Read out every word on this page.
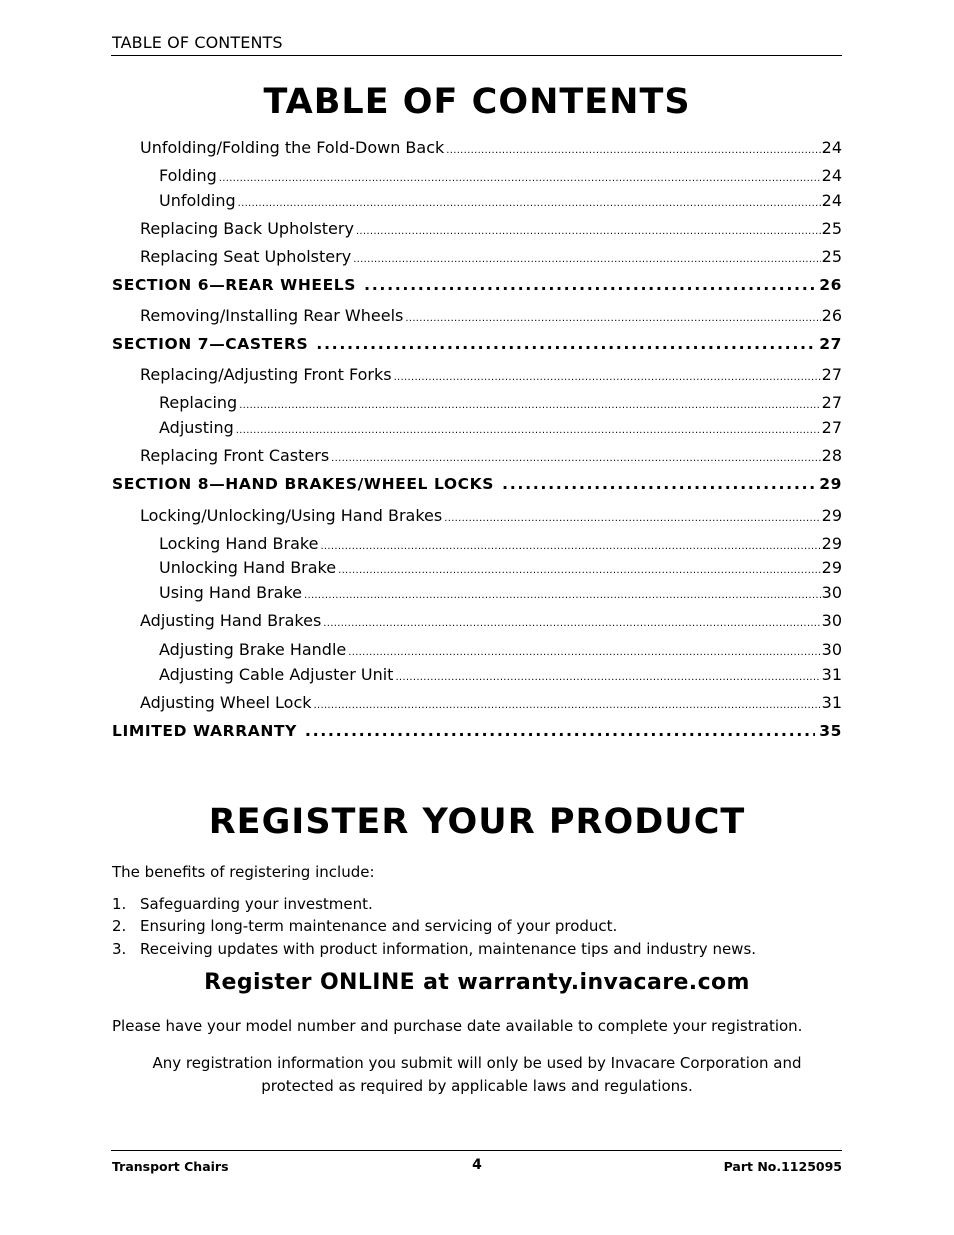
TABLE OF CONTENTS
TABLE OF CONTENTS
Unfolding/Folding the Fold-Down Back .....	24
Folding .....	24
Unfolding .....	24
Replacing Back Upholstery .....	25
Replacing Seat Upholstery .....	25
SECTION 6—REAR WHEELS .....	26
Removing/Installing Rear Wheels .....	26
SECTION 7—CASTERS .....	27
Replacing/Adjusting Front Forks .....	27
Replacing .....	27
Adjusting .....	27
Replacing Front Casters .....	28
SECTION 8—HAND BRAKES/WHEEL LOCKS .....	29
Locking/Unlocking/Using Hand Brakes .....	29
Locking Hand Brake .....	29
Unlocking Hand Brake .....	29
Using Hand Brake .....	30
Adjusting Hand Brakes .....	30
Adjusting Brake Handle .....	30
Adjusting Cable Adjuster Unit .....	31
Adjusting Wheel Lock .....	31
LIMITED WARRANTY .....	35
REGISTER YOUR PRODUCT
The benefits of registering include:
1. Safeguarding your investment.
2. Ensuring long-term maintenance and servicing of your product.
3. Receiving updates with product information, maintenance tips and industry news.
Register ONLINE at warranty.invacare.com
Please have your model number and purchase date available to complete your registration.
Any registration information you submit will only be used by Invacare Corporation and
protected as required by applicable laws and regulations.
Transport Chairs	4	Part No.1125095
